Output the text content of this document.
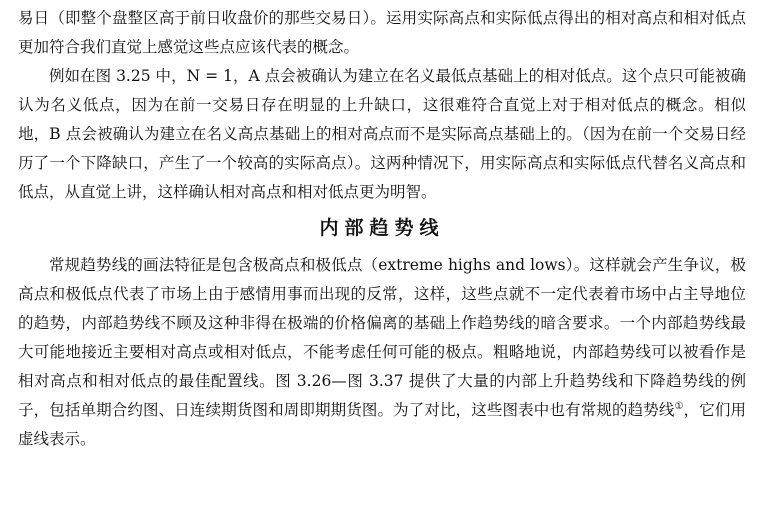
易日（即整个盘整区高于前日收盘价的那些交易日）。运用实际高点和实际低点得出的相对高点和相对低点更加符合我们直觉上感觉这些点应该代表的概念。

例如在图 3.25 中，N = 1，A 点会被确认为建立在名义最低点基础上的相对低点。这个点只可能被确认为名义低点，因为在前一交易日存在明显的上升缺口，这很难符合直觉上对于相对低点的概念。相似地，B 点会被确认为建立在名义高点基础上的相对高点而不是实际高点基础上的。（因为在前一个交易日经历了一个下降缺口，产生了一个较高的实际高点）。这两种情况下，用实际高点和实际低点代替名义高点和低点，从直觉上讲，这样确认相对高点和相对低点更为明智。

内部趋势线

常规趋势线的画法特征是包含极高点和极低点（extreme highs and lows）。这样就会产生争议，极高点和极低点代表了市场上由于感情用事而出现的反常，这样，这些点就不一定代表着市场中占主导地位的趋势，内部趋势线不顾及这种非得在极端的价格偏离的基础上作趋势线的暗含要求。一个内部趋势线最大可能地接近主要相对高点或相对低点，不能考虑任何可能的极点。粗略地说，内部趋势线可以被看作是相对高点和相对低点的最佳配置线。图 3.26—图 3.37 提供了大量的内部上升趋势线和下降趋势线的例子，包括单期合约图、日连续期货图和周即期期货图。为了对比，这些图表中也有常规的趋势线①，它们用虚线表示。
